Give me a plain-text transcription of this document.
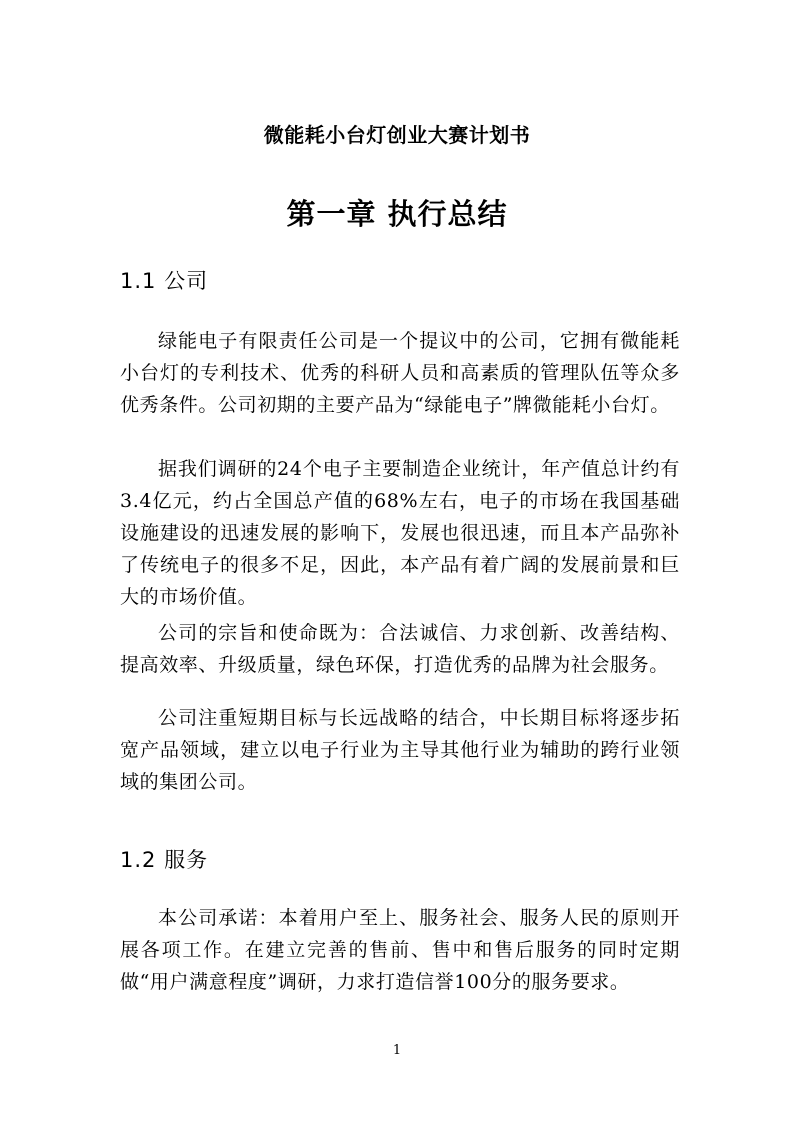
微能耗小台灯创业大赛计划书
第一章 执行总结
1.1 公司

绿能电子有限责任公司是一个提议中的公司，它拥有微能耗小台灯的专利技术、优秀的科研人员和高素质的管理队伍等众多优秀条件。公司初期的主要产品为“绿能电子”牌微能耗小台灯。

据我们调研的24个电子主要制造企业统计，年产值总计约有3.4亿元，约占全国总产值的68%左右，电子的市场在我国基础设施建设的迅速发展的影响下，发展也很迅速，而且本产品弥补了传统电子的很多不足，因此，本产品有着广阔的发展前景和巨大的市场价值。

公司的宗旨和使命既为：合法诚信、力求创新、改善结构、提高效率、升级质量，绿色环保，打造优秀的品牌为社会服务。

公司注重短期目标与长远战略的结合，中长期目标将逐步拓宽产品领域，建立以电子行业为主导其他行业为辅助的跨行业领域的集团公司。

1.2 服务

本公司承诺：本着用户至上、服务社会、服务人民的原则开展各项工作。在建立完善的售前、售中和售后服务的同时定期做“用户满意程度”调研，力求打造信誉100分的服务要求。

1
